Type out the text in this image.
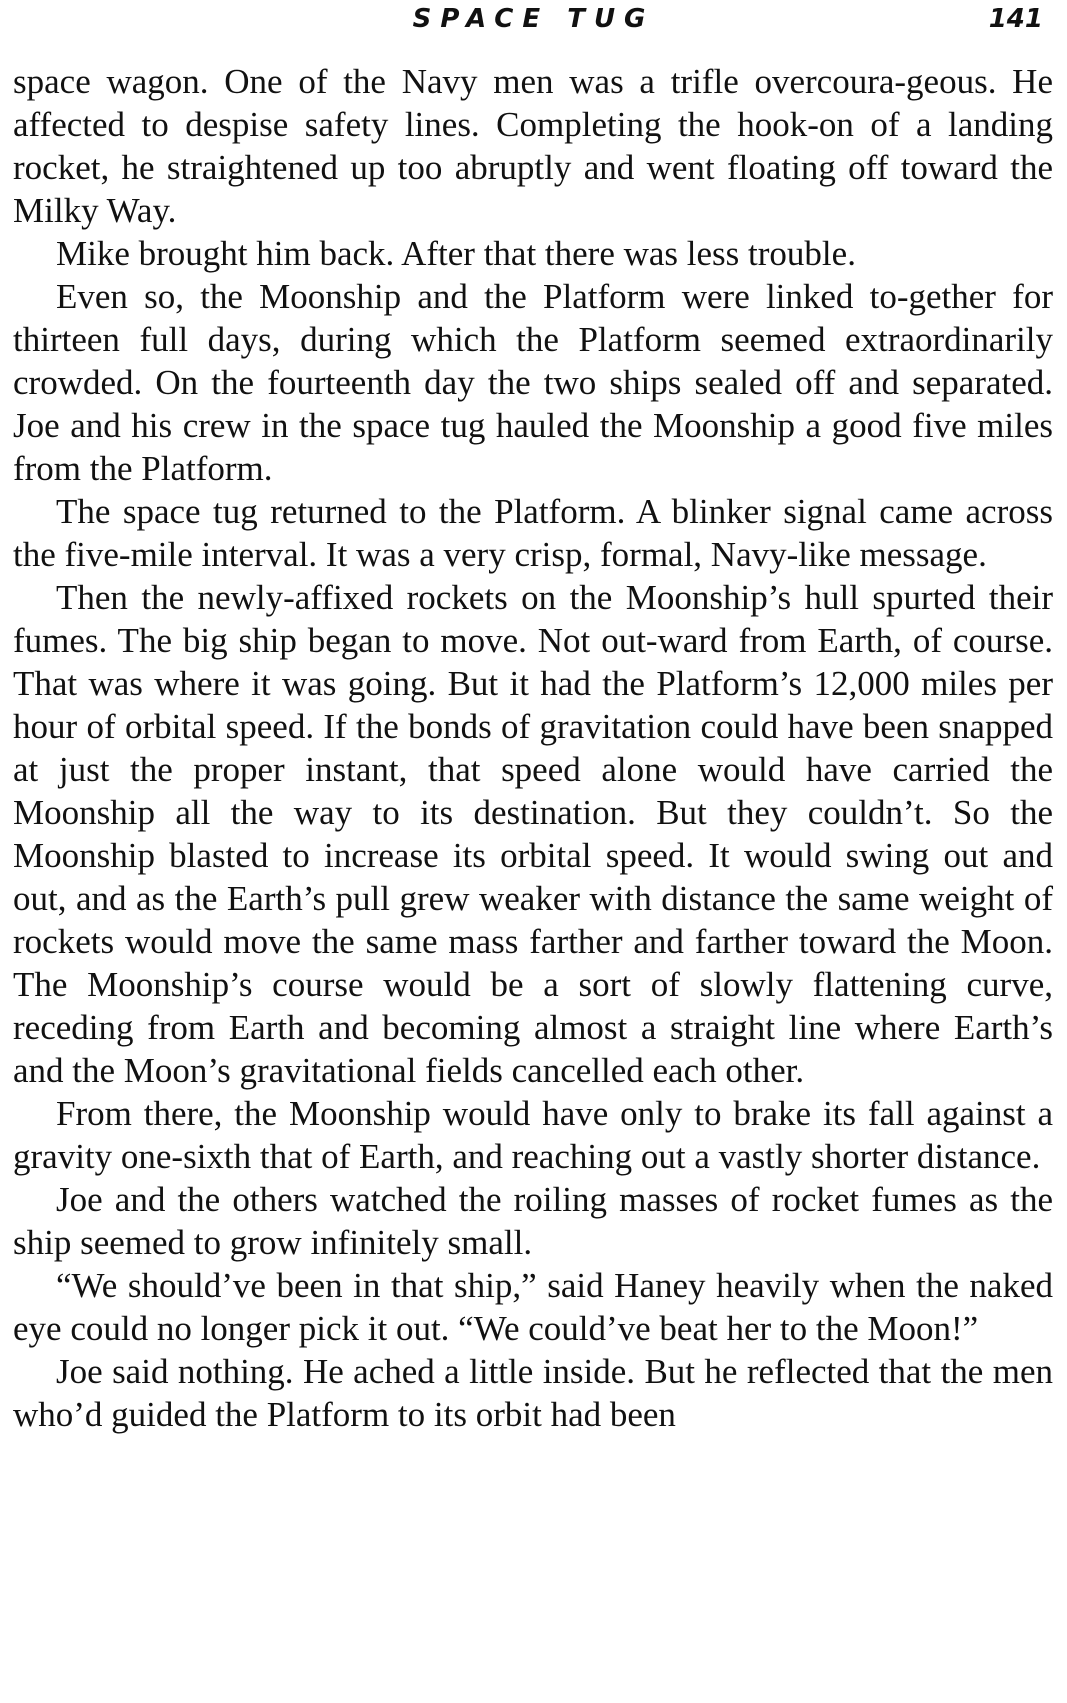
SPACE TUG	141

space wagon. One of the Navy men was a trifle overcoura-geous. He affected to despise safety lines. Completing the hook-on of a landing rocket, he straightened up too abruptly and went floating off toward the Milky Way.

Mike brought him back. After that there was less trouble.

Even so, the Moonship and the Platform were linked to-gether for thirteen full days, during which the Platform seemed extraordinarily crowded. On the fourteenth day the two ships sealed off and separated. Joe and his crew in the space tug hauled the Moonship a good five miles from the Platform.

The space tug returned to the Platform. A blinker signal came across the five-mile interval. It was a very crisp, formal, Navy-like message.

Then the newly-affixed rockets on the Moonship’s hull spurted their fumes. The big ship began to move. Not out-ward from Earth, of course. That was where it was going. But it had the Platform’s 12,000 miles per hour of orbital speed. If the bonds of gravitation could have been snapped at just the proper instant, that speed alone would have carried the Moonship all the way to its destination. But they couldn’t. So the Moonship blasted to increase its orbital speed. It would swing out and out, and as the Earth’s pull grew weaker with distance the same weight of rockets would move the same mass farther and farther toward the Moon. The Moonship’s course would be a sort of slowly flattening curve, receding from Earth and becoming almost a straight line where Earth’s and the Moon’s gravitational fields cancelled each other.

From there, the Moonship would have only to brake its fall against a gravity one-sixth that of Earth, and reaching out a vastly shorter distance.

Joe and the others watched the roiling masses of rocket fumes as the ship seemed to grow infinitely small.

“We should’ve been in that ship,” said Haney heavily when the naked eye could no longer pick it out. “We could’ve beat her to the Moon!”

Joe said nothing. He ached a little inside. But he reflected that the men who’d guided the Platform to its orbit had been
